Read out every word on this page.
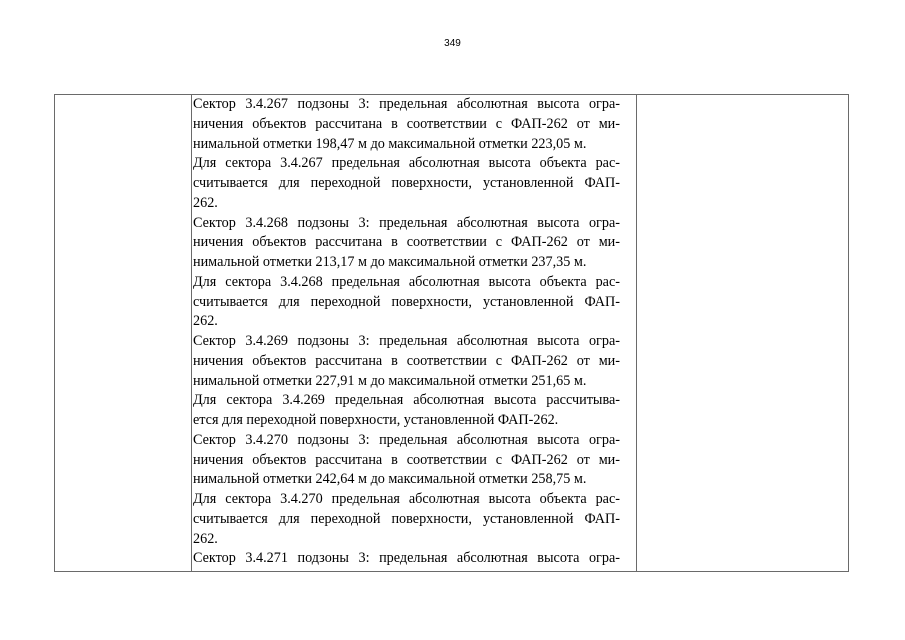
349
Сектор 3.4.267 подзоны 3: предельная абсолютная высота огра-
ничения объектов рассчитана в соответствии с ФАП-262 от ми-
нимальной отметки 198,47 м до максимальной отметки 223,05 м.
Для сектора 3.4.267 предельная абсолютная высота объекта рас-
считывается для переходной поверхности, установленной ФАП-
262.
Сектор 3.4.268 подзоны 3: предельная абсолютная высота огра-
ничения объектов рассчитана в соответствии с ФАП-262 от ми-
нимальной отметки 213,17 м до максимальной отметки 237,35 м.
Для сектора 3.4.268 предельная абсолютная высота объекта рас-
считывается для переходной поверхности, установленной ФАП-
262.
Сектор 3.4.269 подзоны 3: предельная абсолютная высота огра-
ничения объектов рассчитана в соответствии с ФАП-262 от ми-
нимальной отметки 227,91 м до максимальной отметки 251,65 м.
Для сектора 3.4.269 предельная абсолютная высота рассчитыва-
ется для переходной поверхности, установленной ФАП-262.
Сектор 3.4.270 подзоны 3: предельная абсолютная высота огра-
ничения объектов рассчитана в соответствии с ФАП-262 от ми-
нимальной отметки 242,64 м до максимальной отметки 258,75 м.
Для сектора 3.4.270 предельная абсолютная высота объекта рас-
считывается для переходной поверхности, установленной ФАП-
262.
Сектор 3.4.271 подзоны 3: предельная абсолютная высота огра-
